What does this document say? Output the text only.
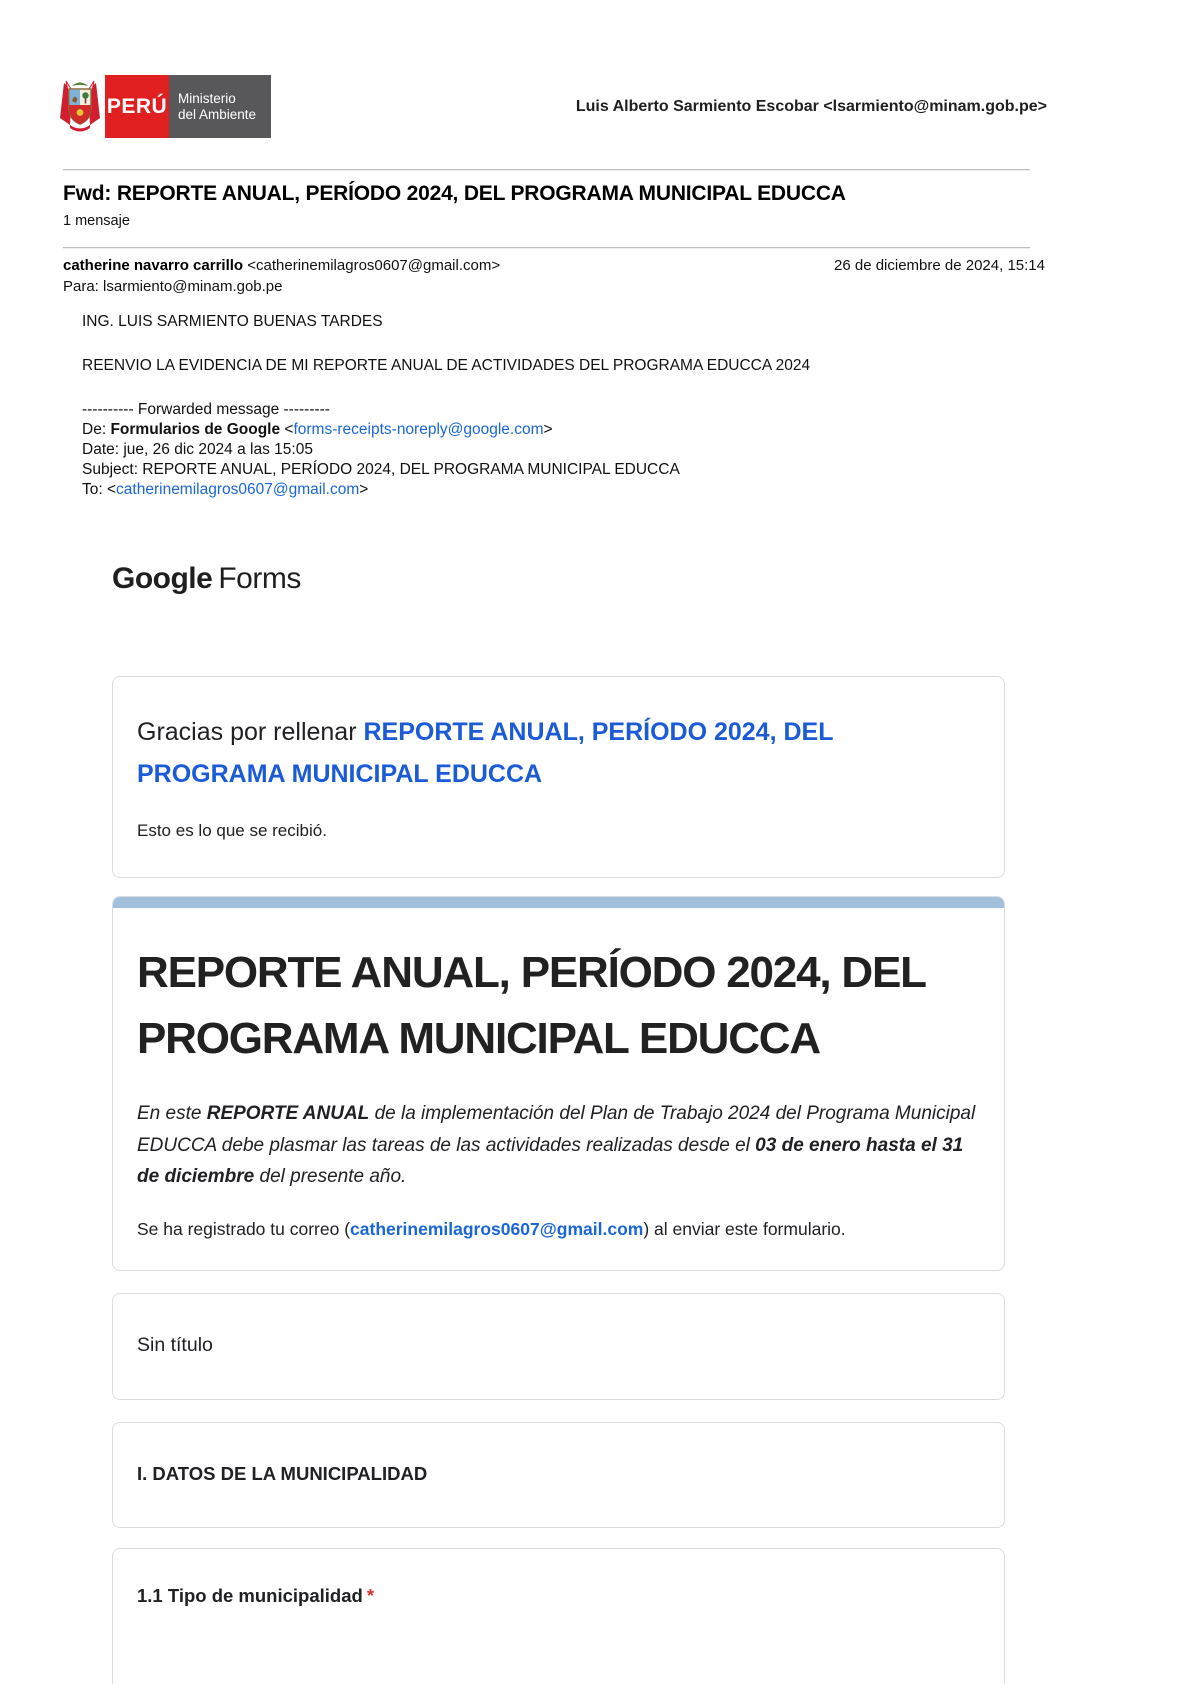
PERÚ Ministerio
del Ambiente	Luis Alberto Sarmiento Escobar <lsarmiento@minam.gob.pe>
Fwd: REPORTE ANUAL, PERÍODO 2024, DEL PROGRAMA MUNICIPAL EDUCCA
1 mensaje
catherine navarro carrillo <catherinemilagros0607@gmail.com>	26 de diciembre de 2024, 15:14
Para: lsarmiento@minam.gob.pe

ING. LUIS SARMIENTO BUENAS TARDES

REENVIO LA EVIDENCIA DE MI REPORTE ANUAL DE ACTIVIDADES DEL PROGRAMA EDUCCA 2024

---------- Forwarded message ---------
De: Formularios de Google <forms-receipts-noreply@google.com>
Date: jue, 26 dic 2024 a las 15:05
Subject: REPORTE ANUAL, PERÍODO 2024, DEL PROGRAMA MUNICIPAL EDUCCA
To: <catherinemilagros0607@gmail.com>

Google Forms
Gracias por rellenar REPORTE ANUAL, PERÍODO 2024, DEL PROGRAMA MUNICIPAL EDUCCA
Esto es lo que se recibió.
REPORTE ANUAL, PERÍODO 2024, DEL PROGRAMA MUNICIPAL EDUCCA
En este REPORTE ANUAL de la implementación del Plan de Trabajo 2024 del Programa Municipal EDUCCA debe plasmar las tareas de las actividades realizadas desde el 03 de enero hasta el 31 de diciembre del presente año.
Se ha registrado tu correo (catherinemilagros0607@gmail.com) al enviar este formulario.
Sin título
I. DATOS DE LA MUNICIPALIDAD
1.1 Tipo de municipalidad *
